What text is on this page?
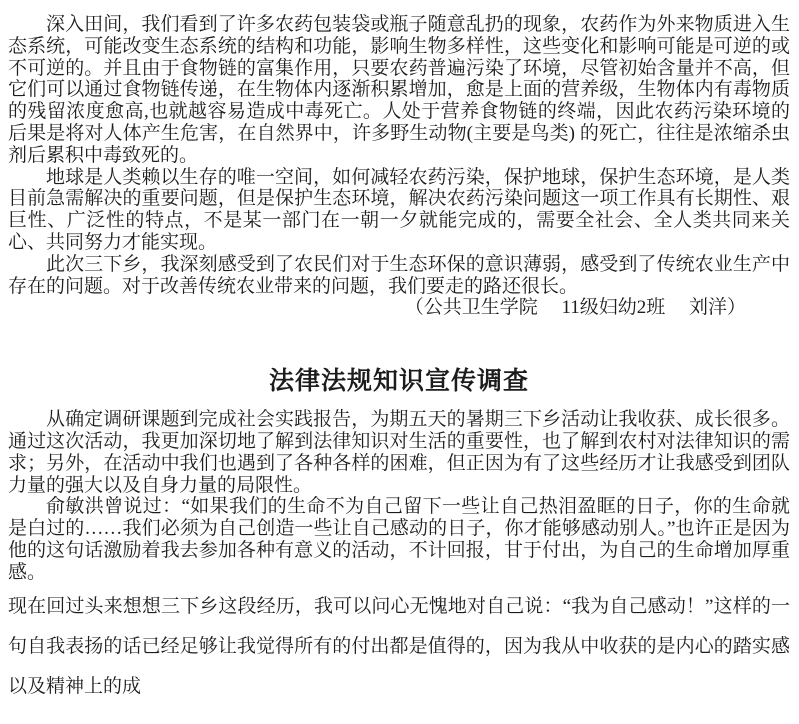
深入田间，我们看到了许多农药包装袋或瓶子随意乱扔的现象，农药作为外来物质进入生态系统，可能改变生态系统的结构和功能，影响生物多样性，这些变化和影响可能是可逆的或不可逆的。并且由于食物链的富集作用，只要农药普遍污染了环境，尽管初始含量并不高，但它们可以通过食物链传递，在生物体内逐渐积累增加，愈是上面的营养级，生物体内有毒物质的残留浓度愈高,也就越容易造成中毒死亡。人处于营养食物链的终端，因此农药污染环境的后果是将对人体产生危害，在自然界中，许多野生动物(主要是鸟类) 的死亡，往往是浓缩杀虫剂后累积中毒致死的。

地球是人类赖以生存的唯一空间，如何减轻农药污染，保护地球，保护生态环境，是人类目前急需解决的重要问题，但是保护生态环境，解决农药污染问题这一项工作具有长期性、艰巨性、广泛性的特点，不是某一部门在一朝一夕就能完成的，需要全社会、全人类共同来关心、共同努力才能实现。

此次三下乡，我深刻感受到了农民们对于生态环保的意识薄弱，感受到了传统农业生产中存在的问题。对于改善传统农业带来的问题，我们要走的路还很长。

（公共卫生学院　 11级妇幼2班　 刘洋）

法律法规知识宣传调查

从确定调研课题到完成社会实践报告，为期五天的暑期三下乡活动让我收获、成长很多。通过这次活动，我更加深切地了解到法律知识对生活的重要性，也了解到农村对法律知识的需求；另外，在活动中我们也遇到了各种各样的困难，但正因为有了这些经历才让我感受到团队力量的强大以及自身力量的局限性。

俞敏洪曾说过：“如果我们的生命不为自己留下一些让自己热泪盈眶的日子，你的生命就是白过的……我们必须为自己创造一些让自己感动的日子，你才能够感动别人。”也许正是因为他的这句话激励着我去参加各种有意义的活动，不计回报，甘于付出，为自己的生命增加厚重感。

现在回过头来想想三下乡这段经历，我可以问心无愧地对自己说：“我为自己感动！”这样的一句自我表扬的话已经足够让我觉得所有的付出都是值得的，因为我从中收获的是内心的踏实感以及精神上的成
